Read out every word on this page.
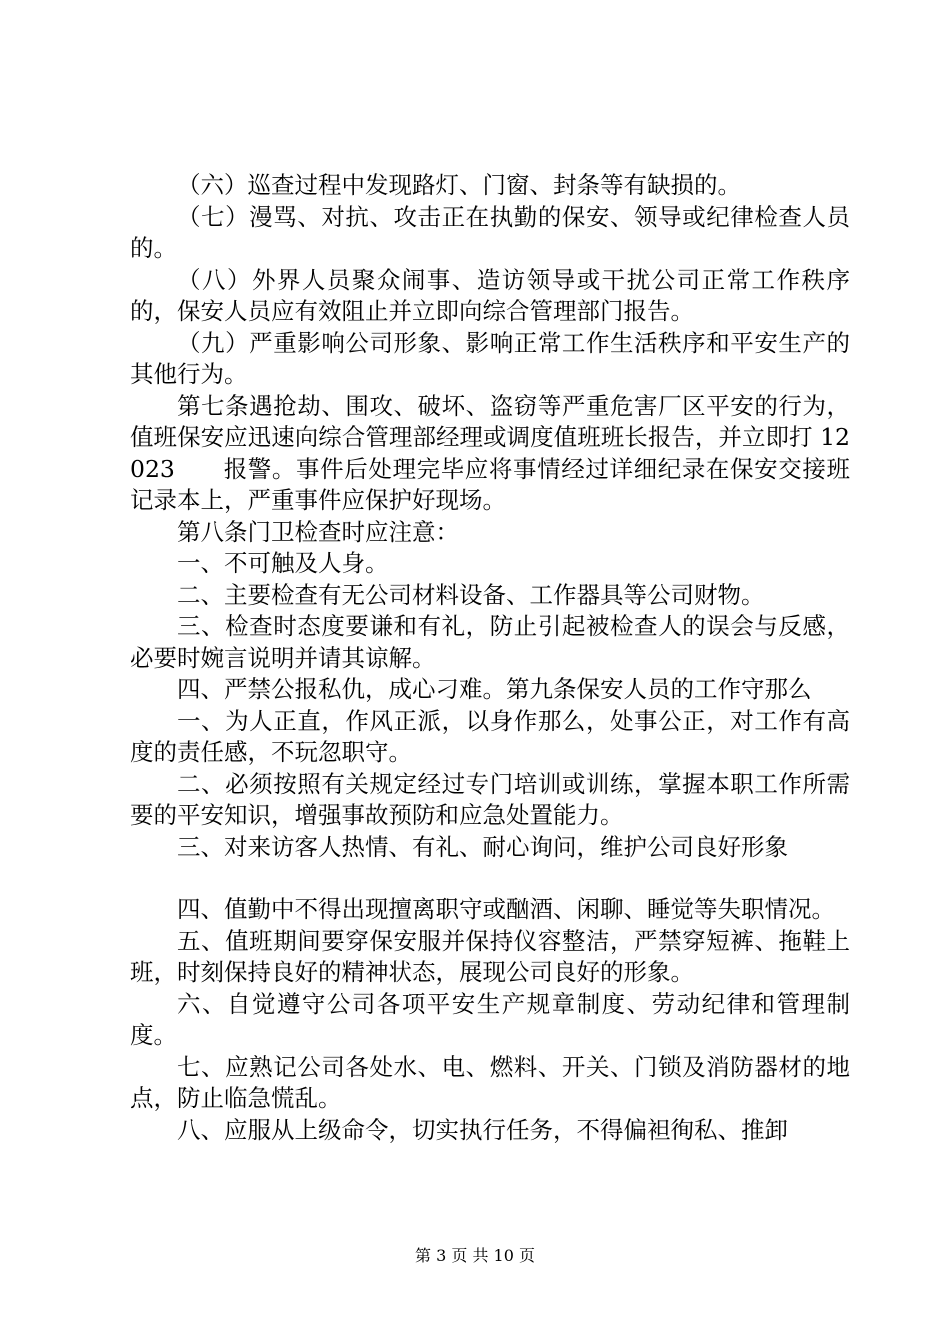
（六）巡查过程中发现路灯、门窗、封条等有缺损的。

（七）漫骂、对抗、攻击正在执勤的保安、领导或纪律检查人员的。

（八）外界人员聚众闹事、造访领导或干扰公司正常工作秩序的，保安人员应有效阻止并立即向综合管理部门报告。

（九）严重影响公司形象、影响正常工作生活秩序和平安生产的其他行为。

第七条遇抢劫、围攻、破坏、盗窃等严重危害厂区平安的行为，值班保安应迅速向综合管理部经理或调度值班班长报告，并立即打 12023　　报警。事件后处理完毕应将事情经过详细纪录在保安交接班记录本上，严重事件应保护好现场。

第八条门卫检查时应注意：

一、不可触及人身。

二、主要检查有无公司材料设备、工作器具等公司财物。

三、检查时态度要谦和有礼，防止引起被检查人的误会与反感，必要时婉言说明并请其谅解。

四、严禁公报私仇，成心刁难。第九条保安人员的工作守那么

一、为人正直，作风正派，以身作那么，处事公正，对工作有高度的责任感，不玩忽职守。

二、必须按照有关规定经过专门培训或训练，掌握本职工作所需要的平安知识，增强事故预防和应急处置能力。

三、对来访客人热情、有礼、耐心询问，维护公司良好形象

四、值勤中不得出现擅离职守或酗酒、闲聊、睡觉等失职情况。

五、值班期间要穿保安服并保持仪容整洁，严禁穿短裤、拖鞋上班，时刻保持良好的精神状态，展现公司良好的形象。

六、自觉遵守公司各项平安生产规章制度、劳动纪律和管理制度。

七、应熟记公司各处水、电、燃料、开关、门锁及消防器材的地点，防止临急慌乱。

八、应服从上级命令，切实执行任务，不得偏袒徇私、推卸

第 3 页 共 10 页
